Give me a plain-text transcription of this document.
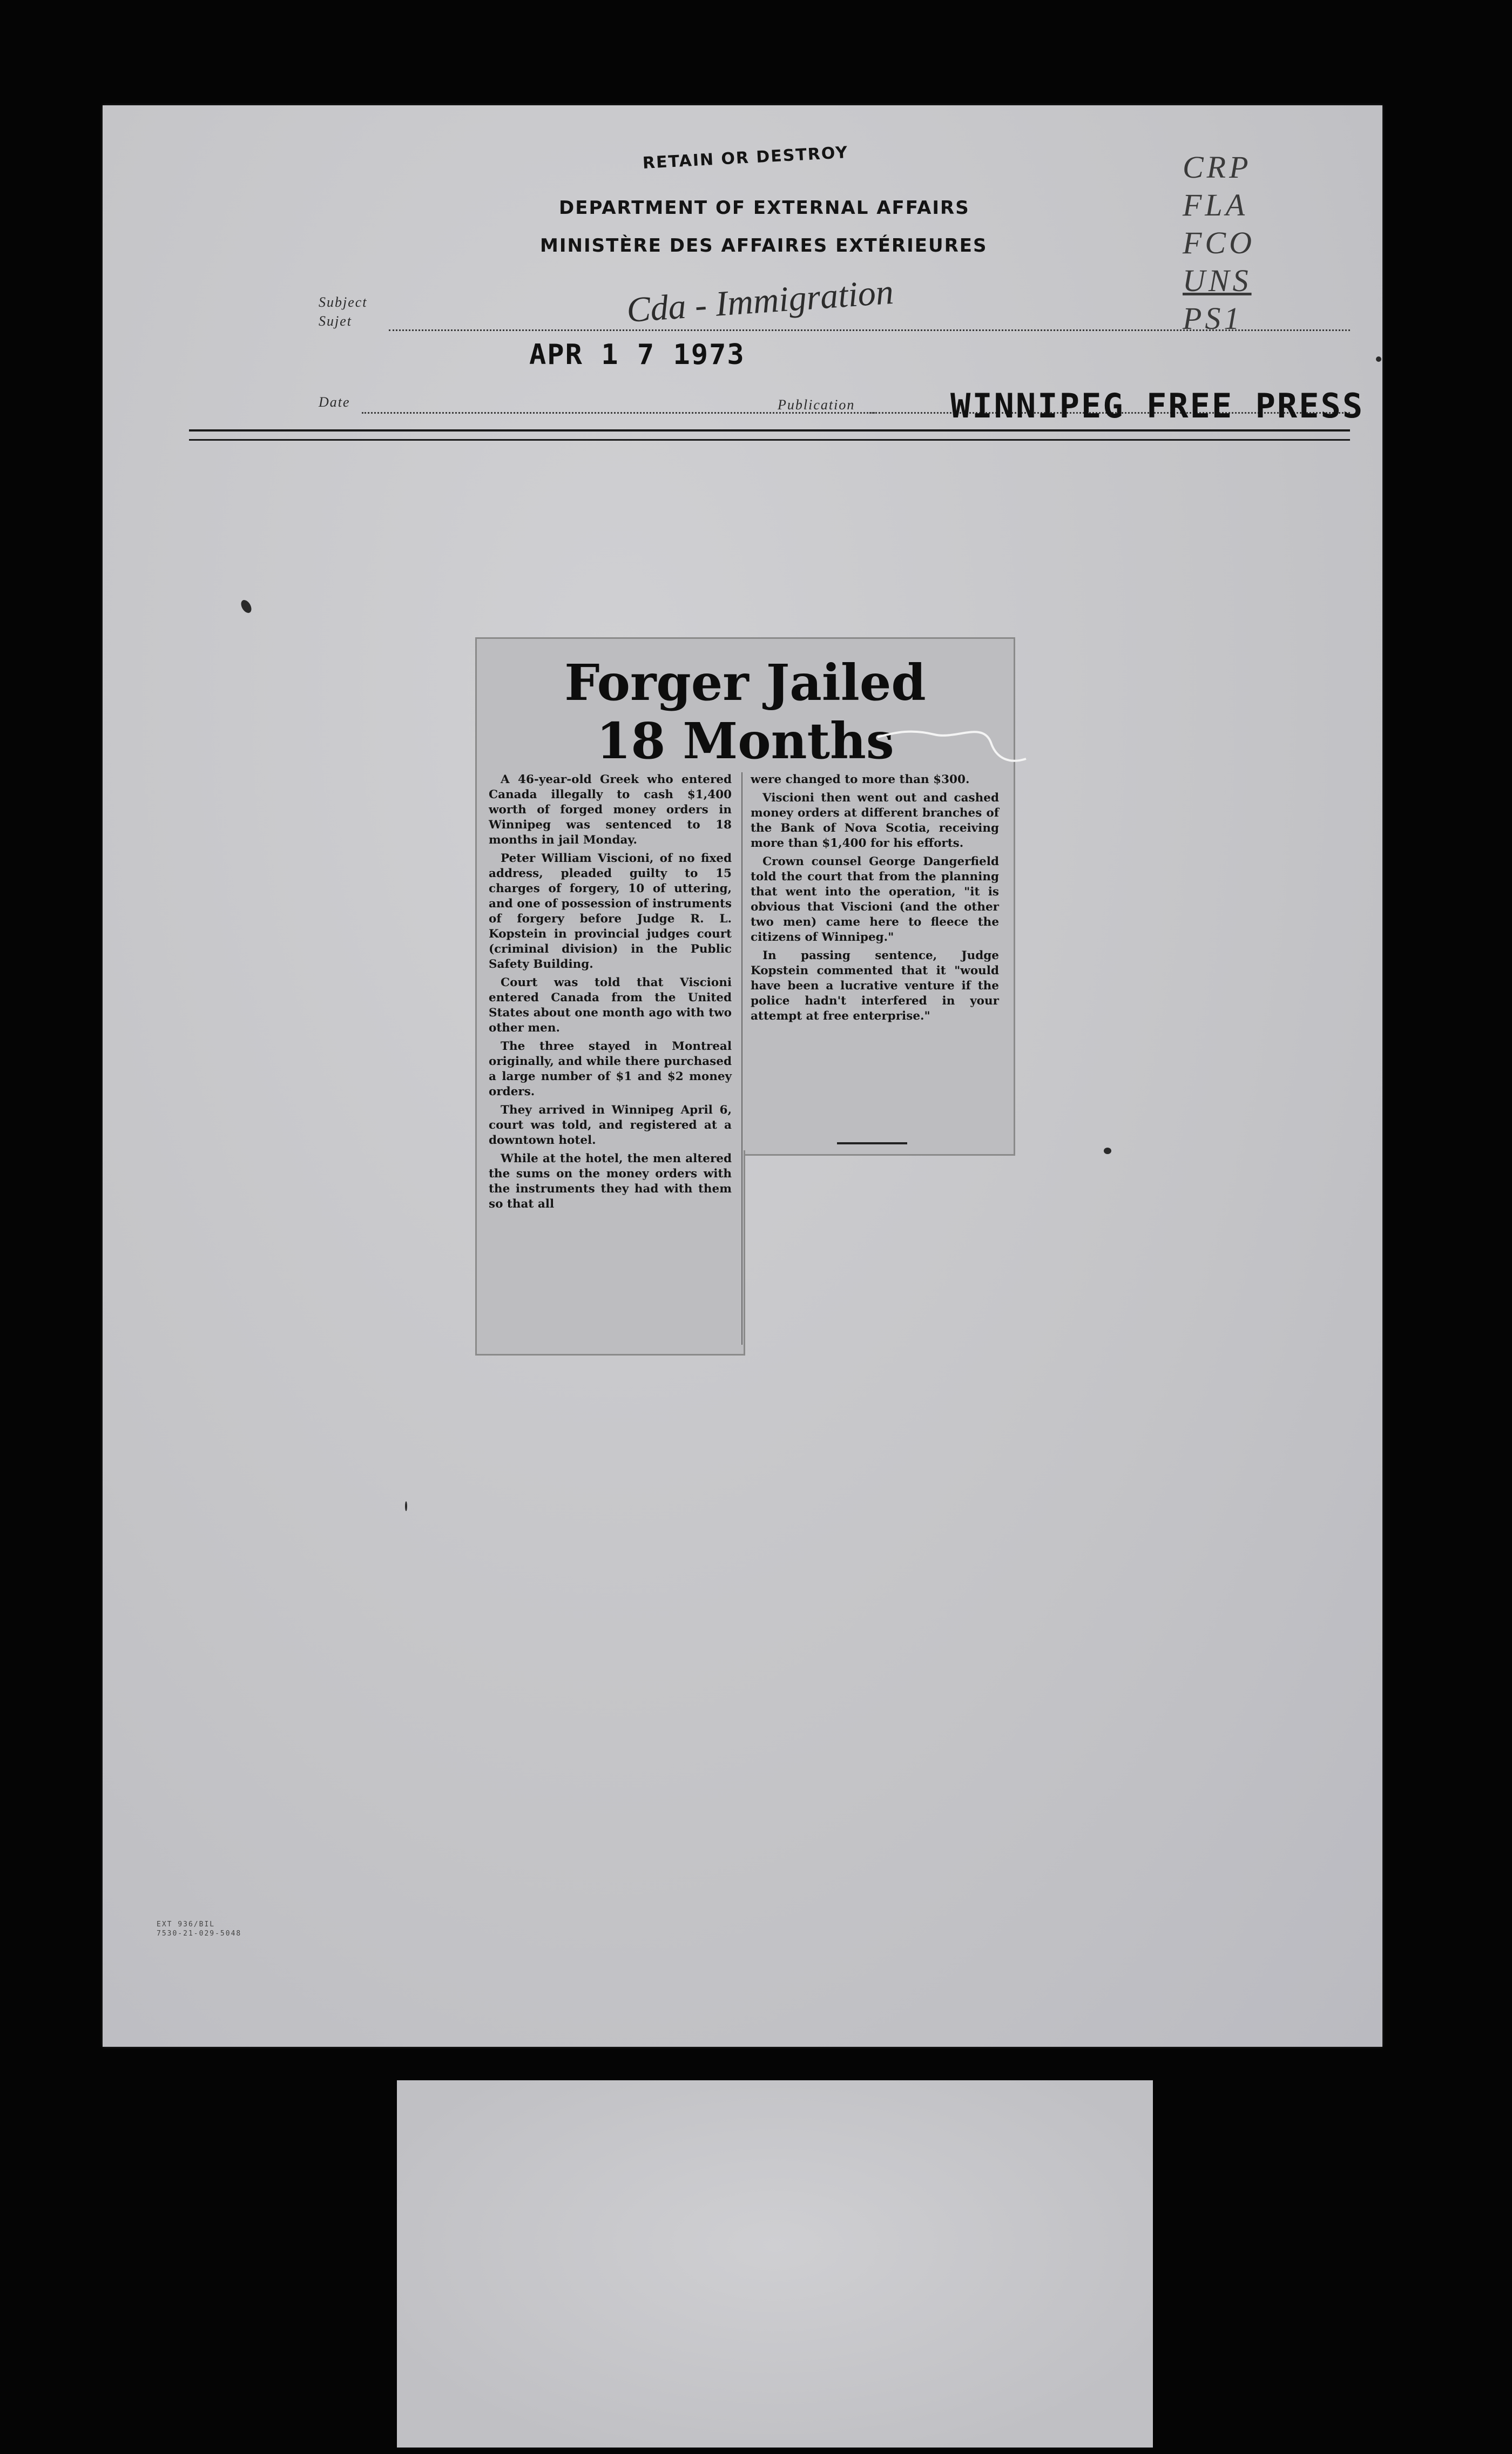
RETAIN OR DESTROY
DEPARTMENT OF EXTERNAL AFFAIRS
MINISTÈRE DES AFFAIRES EXTÉRIEURES
CRP
FLA
FCO
UNS
PS1
Subject
Sujet	Cda - Immigration
APR 1 7 1973
Date	Publication	WINNIPEG FREE PRESS
Forger Jailed
18 Months

A 46-year-old Greek who entered Canada illegally to cash $1,400 worth of forged money orders in Winnipeg was sentenced to 18 months in jail Monday.

Peter William Viscioni, of no fixed address, pleaded guilty to 15 charges of forgery, 10 of uttering, and one of possession of instruments of forgery before Judge R. L. Kopstein in provincial judges court (criminal division) in the Public Safety Building.

Court was told that Viscioni entered Canada from the United States about one month ago with two other men.

The three stayed in Montreal originally, and while there purchased a large number of $1 and $2 money orders.

They arrived in Winnipeg April 6, court was told, and registered at a downtown hotel.

While at the hotel, the men altered the sums on the money orders with the instruments they had with them so that all

were changed to more than $300.

Viscioni then went out and cashed money orders at different branches of the Bank of Nova Scotia, receiving more than $1,400 for his efforts.

Crown counsel George Dangerfield told the court that from the planning that went into the operation, "it is obvious that Viscioni (and the other two men) came here to fleece the citizens of Winnipeg."

In passing sentence, Judge Kopstein commented that it "would have been a lucrative venture if the police hadn't interfered in your attempt at free enterprise."

EXT 936/BIL
7530-21-029-5048
